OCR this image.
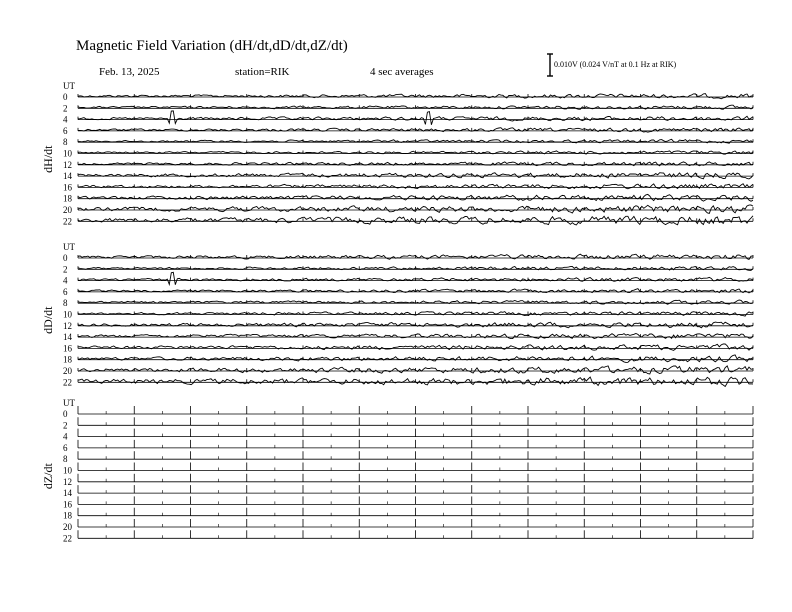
Magnetic Field Variation (dH/dt,dD/dt,dZ/dt)
Feb. 13, 2025	station=RIK	4 sec averages
0.010V (0.024 V/nT at 0.1 Hz at RIK)
UT
dH/dt
0
2
4
6
8
10
12
14
16
18
20
22
UT
dD/dt
0
2
4
6
8
10
12
14
16
18
20
22
UT
dZ/dt
0
2
4
6
8
10
12
14
16
18
20
22
